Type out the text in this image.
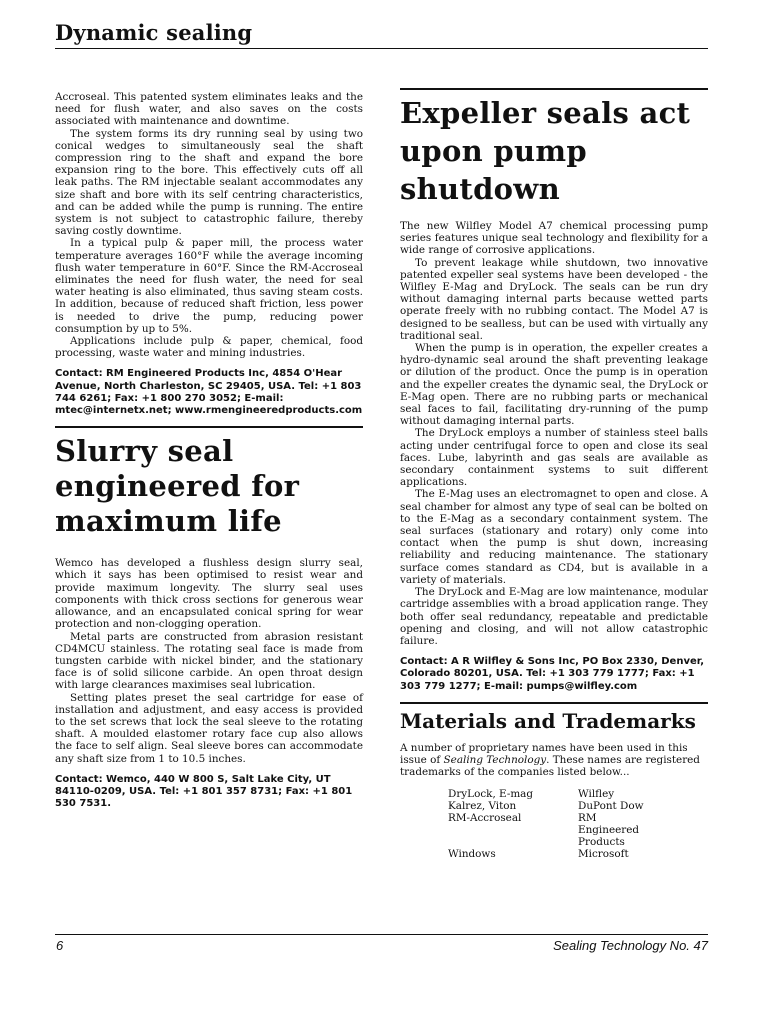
Dynamic sealing

Accroseal. This patented system eliminates leaks and the need for flush water, and also saves on the costs associated with maintenance and downtime.

The system forms its dry running seal by using two conical wedges to simultaneously seal the shaft compression ring to the shaft and expand the bore expansion ring to the bore. This effectively cuts off all leak paths. The RM injectable sealant accommodates any size shaft and bore with its self centring characteristics, and can be added while the pump is running. The entire system is not subject to catastrophic failure, thereby saving costly downtime.

In a typical pulp & paper mill, the process water temperature averages 160°F while the average incoming flush water temperature in 60°F. Since the RM-Accroseal eliminates the need for flush water, the need for seal water heating is also eliminated, thus saving steam costs. In addition, because of reduced shaft friction, less power is needed to drive the pump, reducing power consumption by up to 5%.

Applications include pulp & paper, chemical, food processing, waste water and mining industries.

Contact: RM Engineered Products Inc, 4854 O'Hear Avenue, North Charleston, SC 29405, USA. Tel: +1 803 744 6261; Fax: +1 800 270 3052; E-mail: mtec@internetx.net; www.rmengineeredproducts.com

Slurry seal engineered for maximum life

Wemco has developed a flushless design slurry seal, which it says has been optimised to resist wear and provide maximum longevity. The slurry seal uses components with thick cross sections for generous wear allowance, and an encapsulated conical spring for wear protection and non-clogging operation.

Metal parts are constructed from abrasion resistant CD4MCU stainless. The rotating seal face is made from tungsten carbide with nickel binder, and the stationary face is of solid silicone carbide. An open throat design with large clearances maximises seal lubrication.

Setting plates preset the seal cartridge for ease of installation and adjustment, and easy access is provided to the set screws that lock the seal sleeve to the rotating shaft. A moulded elastomer rotary face cup also allows the face to self align. Seal sleeve bores can accommodate any shaft size from 1 to 10.5 inches.

Contact: Wemco, 440 W 800 S, Salt Lake City, UT 84110-0209, USA. Tel: +1 801 357 8731; Fax: +1 801 530 7531.

Expeller seals act upon pump shutdown

The new Wilfley Model A7 chemical processing pump series features unique seal technology and flexibility for a wide range of corrosive applications.

To prevent leakage while shutdown, two innovative patented expeller seal systems have been developed - the Wilfley E-Mag and DryLock. The seals can be run dry without damaging internal parts because wetted parts operate freely with no rubbing contact. The Model A7 is designed to be sealless, but can be used with virtually any traditional seal.

When the pump is in operation, the expeller creates a hydro-dynamic seal around the shaft preventing leakage or dilution of the product. Once the pump is in operation and the expeller creates the dynamic seal, the DryLock or E-Mag open. There are no rubbing parts or mechanical seal faces to fail, facilitating dry-running of the pump without damaging internal parts.

The DryLock employs a number of stainless steel balls acting under centrifugal force to open and close its seal faces. Lube, labyrinth and gas seals are available as secondary containment systems to suit different applications.

The E-Mag uses an electromagnet to open and close. A seal chamber for almost any type of seal can be bolted on to the E-Mag as a secondary containment system. The seal surfaces (stationary and rotary) only come into contact when the pump is shut down, increasing reliability and reducing maintenance. The stationary surface comes standard as CD4, but is available in a variety of materials.

The DryLock and E-Mag are low maintenance, modular cartridge assemblies with a broad application range. They both offer seal redundancy, repeatable and predictable opening and closing, and will not allow catastrophic failure.

Contact: A R Wilfley & Sons Inc, PO Box 2330, Denver, Colorado 80201, USA. Tel: +1 303 779 1777; Fax: +1 303 779 1277; E-mail: pumps@wilfley.com

Materials and Trademarks

A number of proprietary names have been used in this issue of Sealing Technology. These names are registered trademarks of the companies listed below...

DryLock, E-mag
Kalrez, Viton
RM-Accroseal
Windows
Wilfley
DuPont Dow
RM Engineered Products
Microsoft
6	Sealing Technology No. 47
